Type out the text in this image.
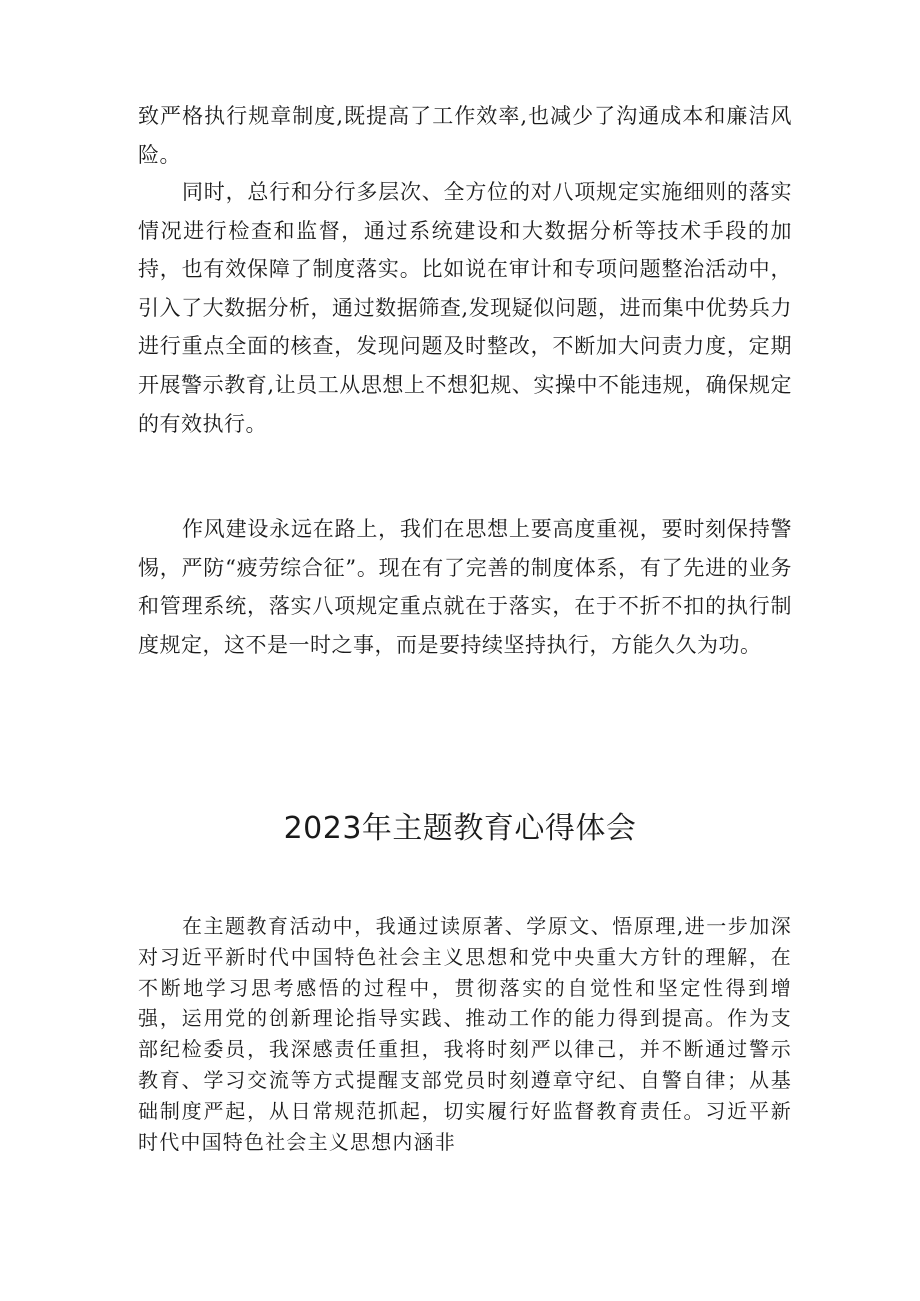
致严格执行规章制度,既提高了工作效率,也减少了沟通成本和廉洁风险。

同时，总行和分行多层次、全方位的对八项规定实施细则的落实情况进行检查和监督，通过系统建设和大数据分析等技术手段的加持，也有效保障了制度落实。比如说在审计和专项问题整治活动中，引入了大数据分析，通过数据筛查,发现疑似问题，进而集中优势兵力进行重点全面的核查，发现问题及时整改，不断加大问责力度，定期开展警示教育,让员工从思想上不想犯规、实操中不能违规，确保规定的有效执行。

作风建设永远在路上，我们在思想上要高度重视，要时刻保持警惕，严防“疲劳综合征”。现在有了完善的制度体系，有了先进的业务和管理系统，落实八项规定重点就在于落实，在于不折不扣的执行制度规定，这不是一时之事，而是要持续坚持执行，方能久久为功。

2023年主题教育心得体会

在主题教育活动中，我通过读原著、学原文、悟原理,进一步加深对习近平新时代中国特色社会主义思想和党中央重大方针的理解，在不断地学习思考感悟的过程中，贯彻落实的自觉性和坚定性得到增强，运用党的创新理论指导实践、推动工作的能力得到提高。作为支部纪检委员，我深感责任重担，我将时刻严以律己，并不断通过警示教育、学习交流等方式提醒支部党员时刻遵章守纪、自警自律；从基础制度严起，从日常规范抓起，切实履行好监督教育责任。习近平新时代中国特色社会主义思想内涵非
